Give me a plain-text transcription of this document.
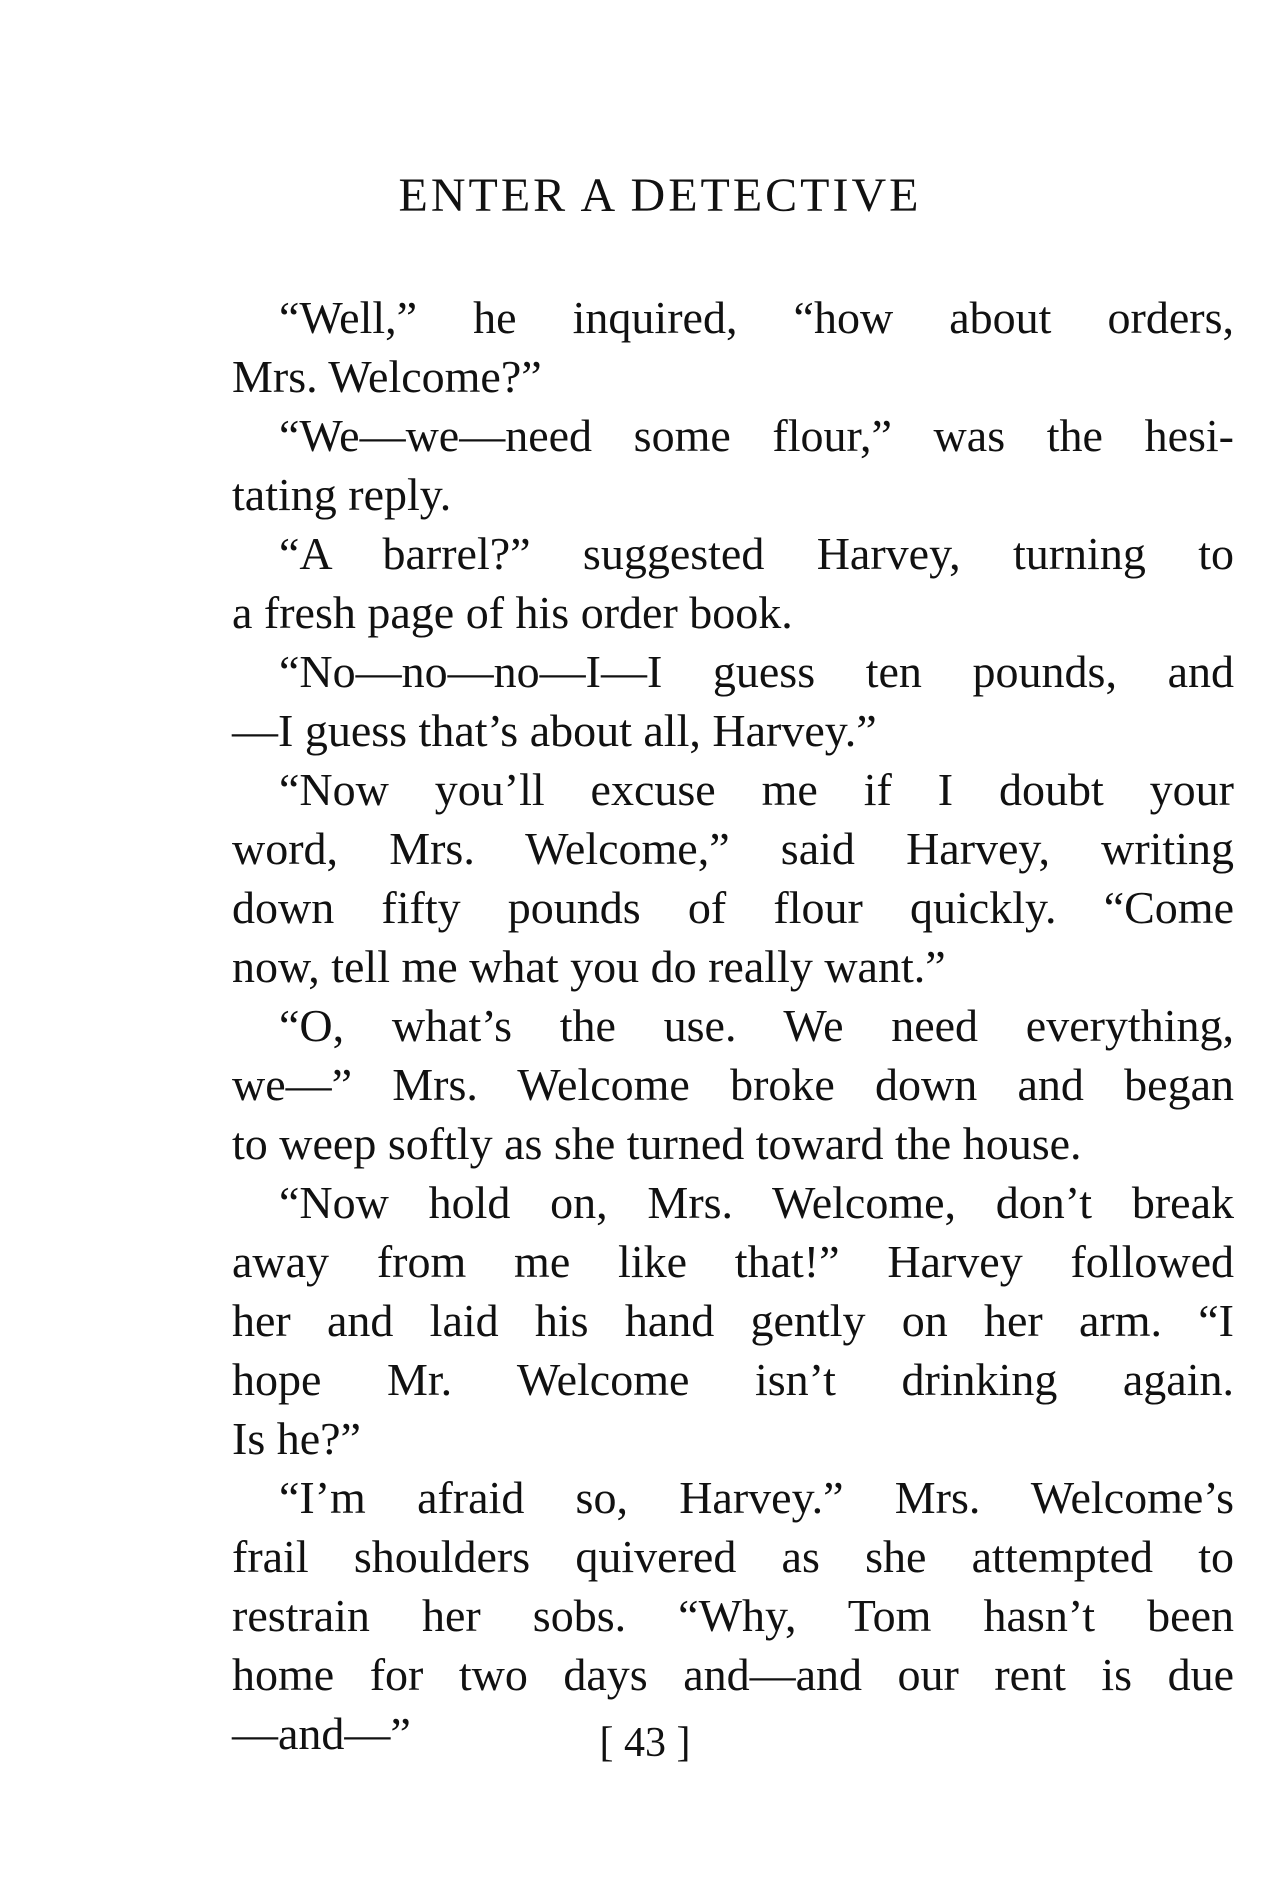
ENTER A DETECTIVE
“Well,” he inquired, “how about orders,
Mrs. Welcome?”
“We—we—need some flour,” was the hesi-
tating reply.
“A barrel?” suggested Harvey, turning to
a fresh page of his order book.
“No—no—no—I—I guess ten pounds, and
—I guess that’s about all, Harvey.”
“Now you’ll excuse me if I doubt your
word, Mrs. Welcome,” said Harvey, writing
down fifty pounds of flour quickly. “Come
now, tell me what you do really want.”
“O, what’s the use. We need everything,
we—” Mrs. Welcome broke down and began
to weep softly as she turned toward the house.
“Now hold on, Mrs. Welcome, don’t break
away from me like that!” Harvey followed
her and laid his hand gently on her arm. “I
hope Mr. Welcome isn’t drinking again.
Is he?”
“I’m afraid so, Harvey.” Mrs. Welcome’s
frail shoulders quivered as she attempted to
restrain her sobs. “Why, Tom hasn’t been
home for two days and—and our rent is due
—and—”	[ 43 ]
